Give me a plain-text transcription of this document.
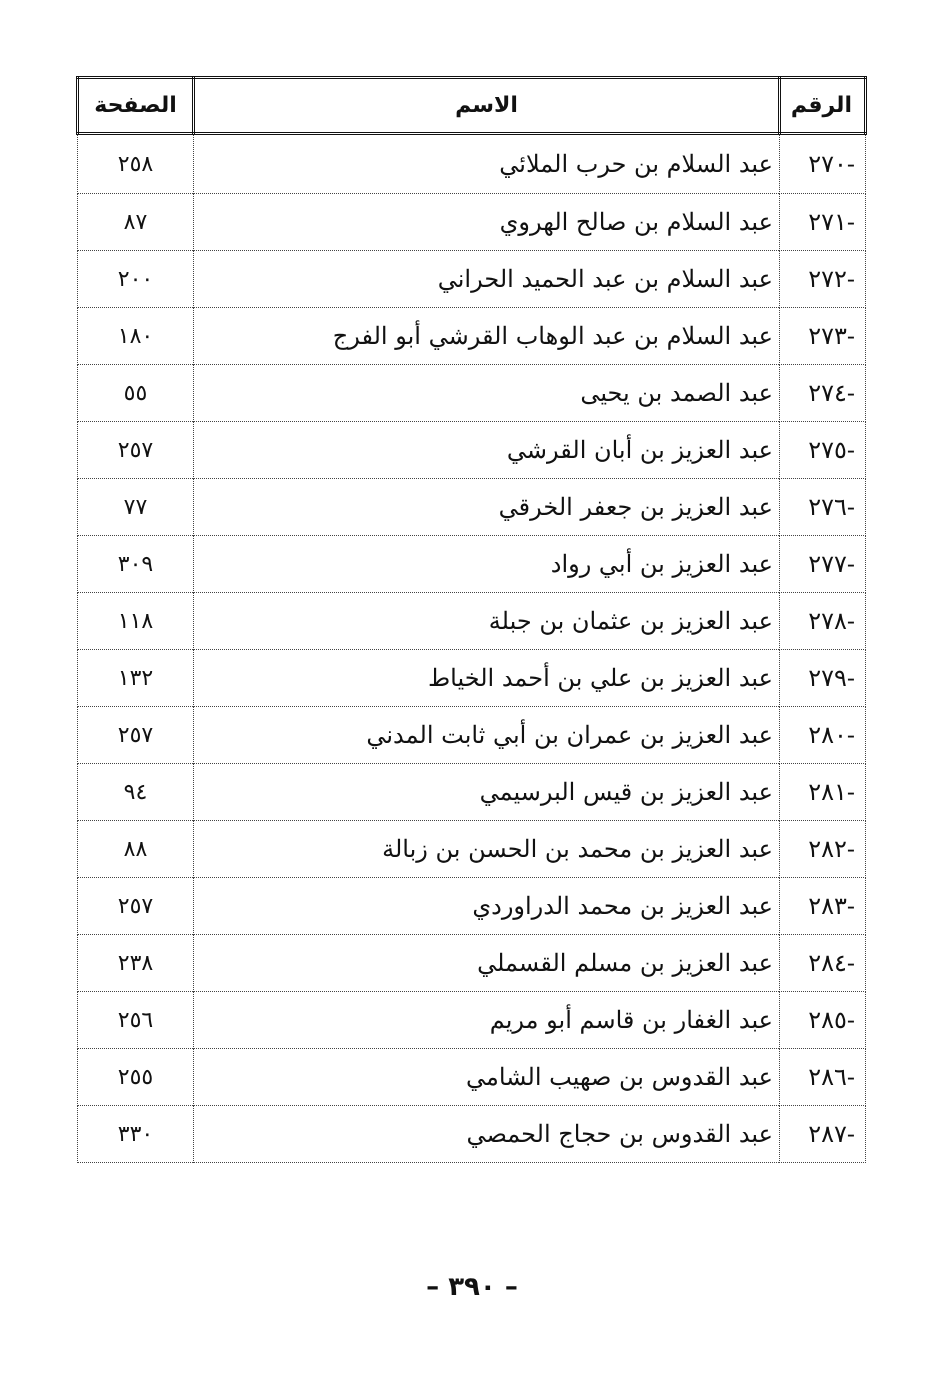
الرقم	الاسم	الصفحة
-٢٧٠	عبد السلام بن حرب الملائي	٢٥٨
-٢٧١	عبد السلام بن صالح الهروي	٨٧
-٢٧٢	عبد السلام بن عبد الحميد الحراني	٢٠٠
-٢٧٣	عبد السلام بن عبد الوهاب القرشي أبو الفرج	١٨٠
-٢٧٤	عبد الصمد بن يحيى	٥٥
-٢٧٥	عبد العزيز بن أبان القرشي	٢٥٧
-٢٧٦	عبد العزيز بن جعفر الخرقي	٧٧
-٢٧٧	عبد العزيز بن أبي رواد	٣٠٩
-٢٧٨	عبد العزيز بن عثمان بن جبلة	١١٨
-٢٧٩	عبد العزيز بن علي بن أحمد الخياط	١٣٢
-٢٨٠	عبد العزيز بن عمران بن أبي ثابت المدني	٢٥٧
-٢٨١	عبد العزيز بن قيس البرسيمي	٩٤
-٢٨٢	عبد العزيز بن محمد بن الحسن بن زبالة	٨٨
-٢٨٣	عبد العزيز بن محمد الدراوردي	٢٥٧
-٢٨٤	عبد العزيز بن مسلم القسملي	٢٣٨
-٢٨٥	عبد الغفار بن قاسم أبو مريم	٢٥٦
-٢٨٦	عبد القدوس بن صهيب الشامي	٢٥٥
-٢٨٧	عبد القدوس بن حجاج الحمصي	٣٣٠
– ٣٩٠ –
